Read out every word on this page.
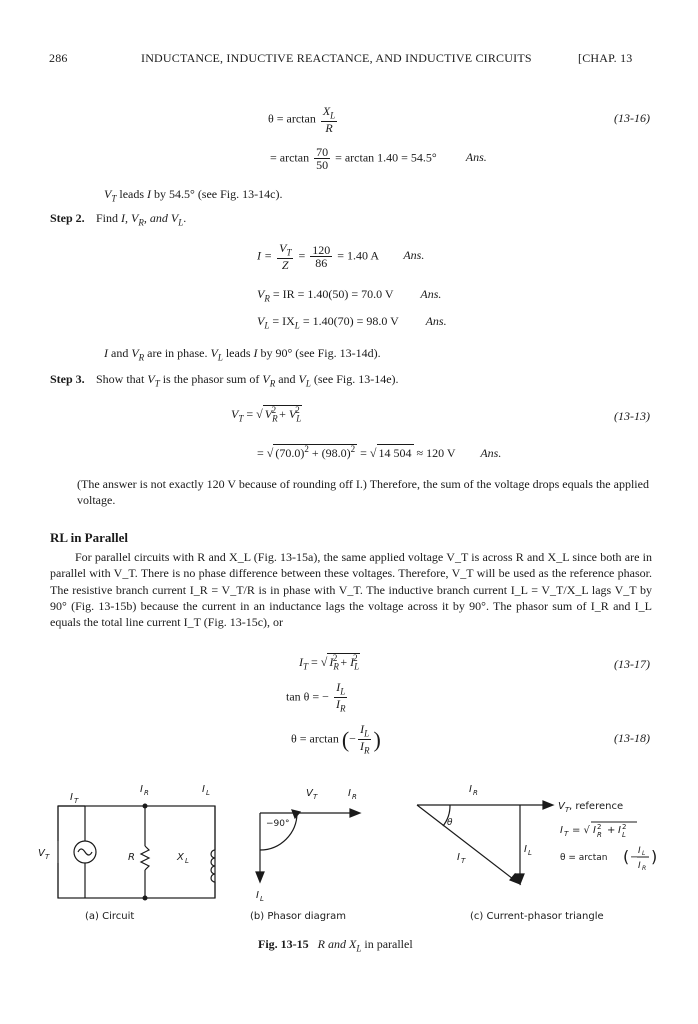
286	INDUCTANCE, INDUCTIVE REACTANCE, AND INDUCTIVE CIRCUITS	[CHAP. 13
$\theta = \arctan \frac{X_L}{R}$	(13-16)
= $\arctan \frac{70}{50} = \arctan 1.40 = 54.5^\circ$ Ans.
$V_T$ leads I by 54.5° (see Fig. 13-14c).
Step 2. Find I, $V_R$, and $V_L$.
$I = \frac{V_T}{Z} = \frac{120}{86} = 1.40$ A Ans.
$V_R$ = IR = 1.40(50) = 70.0 V Ans.
$V_L = IX_L = 1.40(70) = 98.0$ V Ans.
I and $V_R$ are in phase. $V_L$ leads I by 90° (see Fig. 13-14d).
Step 3. Show that $V_T$ is the phasor sum of $V_R$ and $V_L$ (see Fig. 13-14e).
$V_T$ = √ $V_R^2 + V_L^2$	(13-13)
= √ $(70.0)^2 + (98.0)^2$ = √ 14 504 ≈ 120 V Ans.
(The answer is not exactly 120 V because of rounding off I.) Therefore, the sum of the voltage drops equals the applied voltage.
RL in Parallel
For parallel circuits with R and X_L (Fig. 13-15a), the same applied voltage V_T is across R and X_L since both are in parallel with V_T. There is no phase difference between these voltages. Therefore, V_T will be used as the reference phasor. The resistive branch current I_R = V_T/R is in phase with V_T. The inductive branch current I_L = V_T/X_L lags V_T by 90° (Fig. 13-15b) because the current in an inductance lags the voltage across it by 90°. The phasor sum of I_R and I_L equals the total line current I_T (Fig. 13-15c), or
$I_T$ = √ $I_R^2 + I_L^2$	(13-17)
tan θ = − $\frac{I_L}{I_R}$
θ = arctan (− $\frac{I_L}{I_R}$ )	(13-18)
V T
I T
R	X L
I R	I L
(a) Circuit
V T	I R
−90°
I L
(b) Phasor diagram
I R
θ
I L
I T
V T , reference
I T = √ I 2
R + I 2
L
θ = arctan ( −
I L
I R
)
(c) Current-phasor triangle
Fig. 13-15 R and $X_L$ in parallel
